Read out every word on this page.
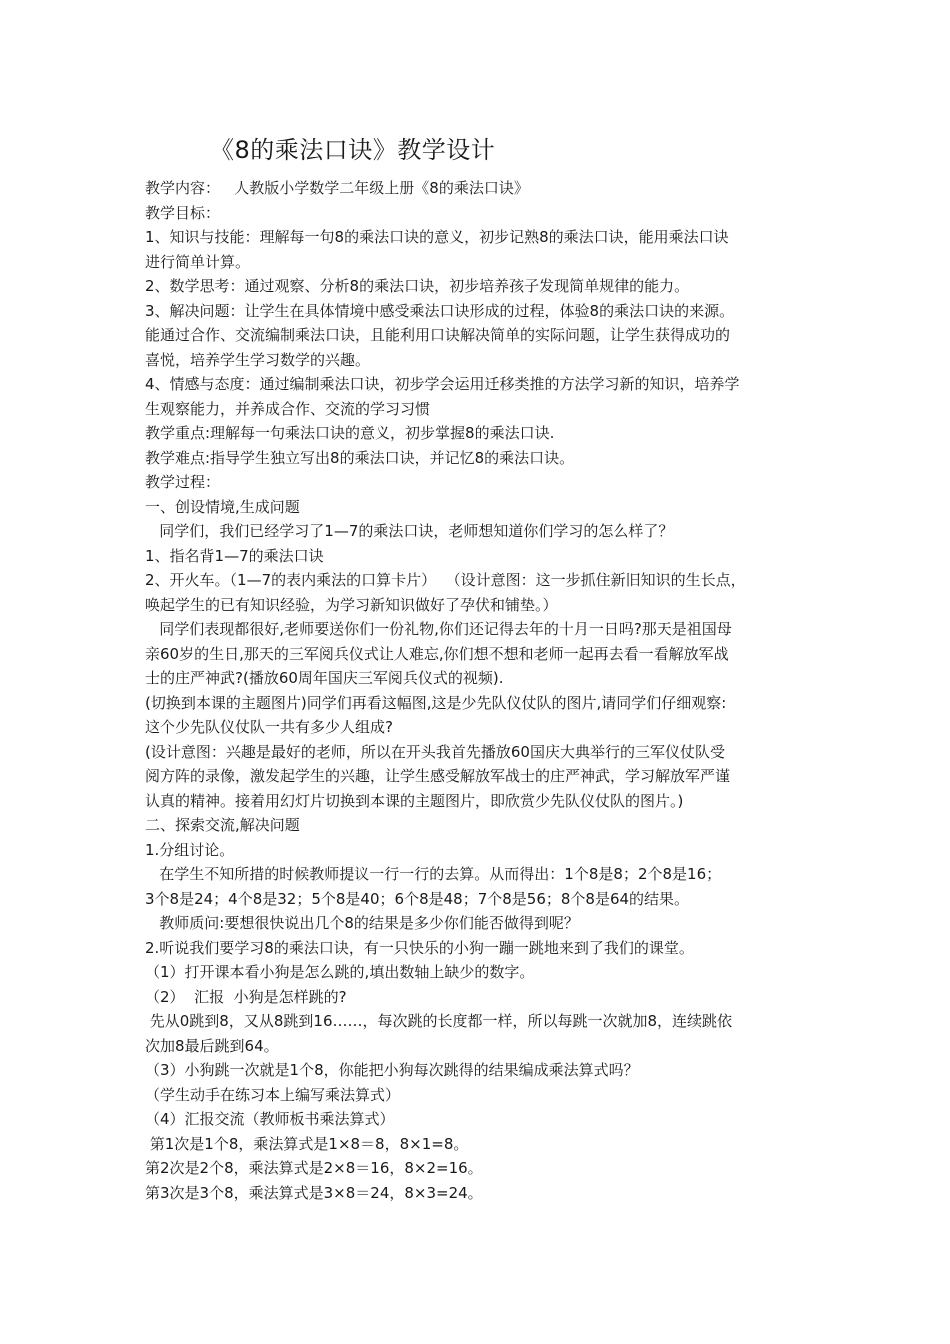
《8的乘法口诀》教学设计
教学内容：   人教版小学数学二年级上册《8的乘法口诀》
教学目标：
1、知识与技能：理解每一句8的乘法口诀的意义，初步记熟8的乘法口诀，能用乘法口诀
进行简单计算。
2、数学思考：通过观察、分析8的乘法口诀，初步培养孩子发现简单规律的能力。
3、解决问题：让学生在具体情境中感受乘法口诀形成的过程，体验8的乘法口诀的来源。
能通过合作、交流编制乘法口诀，且能利用口诀解决简单的实际问题，让学生获得成功的
喜悦，培养学生学习数学的兴趣。
4、情感与态度：通过编制乘法口诀，初步学会运用迁移类推的方法学习新的知识，培养学
生观察能力，并养成合作、交流的学习习惯
教学重点:理解每一句乘法口诀的意义，初步掌握8的乘法口诀.
教学难点:指导学生独立写出8的乘法口诀，并记忆8的乘法口诀。
教学过程：
一、创设情境,生成问题
同学们，我们已经学习了1—7的乘法口诀，老师想知道你们学习的怎么样了？
1、指名背1—7的乘法口诀
2、开火车。（1—7的表内乘法的口算卡片）  （设计意图：这一步抓住新旧知识的生长点，
唤起学生的已有知识经验，为学习新知识做好了孕伏和铺垫。）
同学们表现都很好,老师要送你们一份礼物,你们还记得去年的十月一日吗?那天是祖国母
亲60岁的生日,那天的三军阅兵仪式让人难忘,你们想不想和老师一起再去看一看解放军战
士的庄严神武?(播放60周年国庆三军阅兵仪式的视频).
(切换到本课的主题图片)同学们再看这幅图,这是少先队仪仗队的图片,请同学们仔细观察:
这个少先队仪仗队一共有多少人组成?
(设计意图：兴趣是最好的老师，所以在开头我首先播放60国庆大典举行的三军仪仗队受
阅方阵的录像，激发起学生的兴趣，让学生感受解放军战士的庄严神武，学习解放军严谨
认真的精神。接着用幻灯片切换到本课的主题图片，即欣赏少先队仪仗队的图片。)
二、探索交流,解决问题
1.分组讨论。
在学生不知所措的时候教师提议一行一行的去算。从而得出：1个8是8；2个8是16；
3个8是24；4个8是32；5个8是40；6个8是48；7个8是56；8个8是64的结果。
教师质问:要想很快说出几个8的结果是多少你们能否做得到呢？
2.听说我们要学习8的乘法口诀，有一只快乐的小狗一蹦一跳地来到了我们的课堂。
（1）打开课本看小狗是怎么跳的,填出数轴上缺少的数字。
（2）  汇报  小狗是怎样跳的?
先从0跳到8，又从8跳到16……，每次跳的长度都一样，所以每跳一次就加8，连续跳依
次加8最后跳到64。
（3）小狗跳一次就是1个8，你能把小狗每次跳得的结果编成乘法算式吗？
（学生动手在练习本上编写乘法算式）
（4）汇报交流（教师板书乘法算式）
第1次是1个8，乘法算式是1×8＝8，8×1=8。
第2次是2个8，乘法算式是2×8＝16，8×2=16。
第3次是3个8，乘法算式是3×8＝24，8×3=24。
